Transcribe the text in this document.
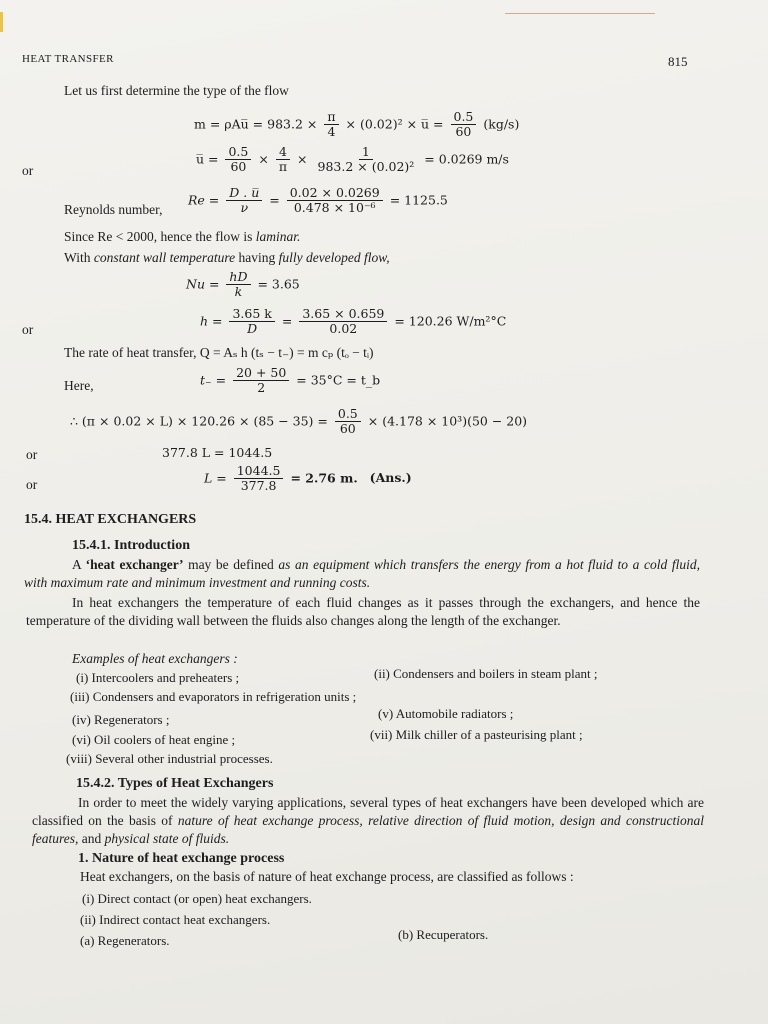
HEAT TRANSFER	815
Let us first determine the type of the flow
m = ρAu̅ = $983.2 \times \frac{\pi}{4} \times (0.02)^2$ × u̅ = $\frac{0.5}{60} (kg/s)$
or
u̅ = $\frac{0.5}{60} \times \frac{4}{\pi} \times \frac{1}{\text{983.2 × (0.02)²}} = 0.0269$ m/s
Reynolds number,
$Re = \frac{D . u̅}{\nu} = \frac{0.02 \times 0.0269}{\text{0.478 × 10⁻⁶}} = 1125.5$
Since Re < 2000, hence the flow is laminar.
With constant wall temperature having fully developed flow,
$Nu = \frac{hD}{k} = 3.65$
or
$h = \frac{3.65 k}{D} = \frac{3.65 \times 0.659}{0.02} = 120.26$ W/m²°C
The rate of heat transfer, Q = Aₛ h (tₛ − t₋) = m cₚ (tₒ − tᵢ)
Here,	$t_- = \frac{20 + 50}{2} = 35^\circ C$ = t_b
∴ $(\pi \times 0.02 \times L) \times 120.26 \times (85 - 35) = \frac{0.5}{60} \times (4.178 \times 10^3)(50 - 20)$
or	377.8 L = 1044.5
or	$L = \frac{1044.5}{377.8} = 2.76$ m. (Ans.)
15.4. HEAT EXCHANGERS
15.4.1. Introduction
A ‘heat exchanger’ may be defined as an equipment which transfers the energy from a hot fluid to a cold fluid, with maximum rate and minimum investment and running costs.
In heat exchangers the temperature of each fluid changes as it passes through the exchangers, and hence the temperature of the dividing wall between the fluids also changes along the length of the exchanger.
Examples of heat exchangers :
(i) Intercoolers and preheaters ;	(ii) Condensers and boilers in steam plant ;
(iii) Condensers and evaporators in refrigeration units ;
(iv) Regenerators ;	(v) Automobile radiators ;
(vi) Oil coolers of heat engine ;	(vii) Milk chiller of a pasteurising plant ;
(viii) Several other industrial processes.
15.4.2. Types of Heat Exchangers
In order to meet the widely varying applications, several types of heat exchangers have been developed which are classified on the basis of nature of heat exchange process, relative direction of fluid motion, design and constructional features, and physical state of fluids.
1. Nature of heat exchange process
Heat exchangers, on the basis of nature of heat exchange process, are classified as follows :
(i) Direct contact (or open) heat exchangers.
(ii) Indirect contact heat exchangers.
(a) Regenerators.	(b) Recuperators.
